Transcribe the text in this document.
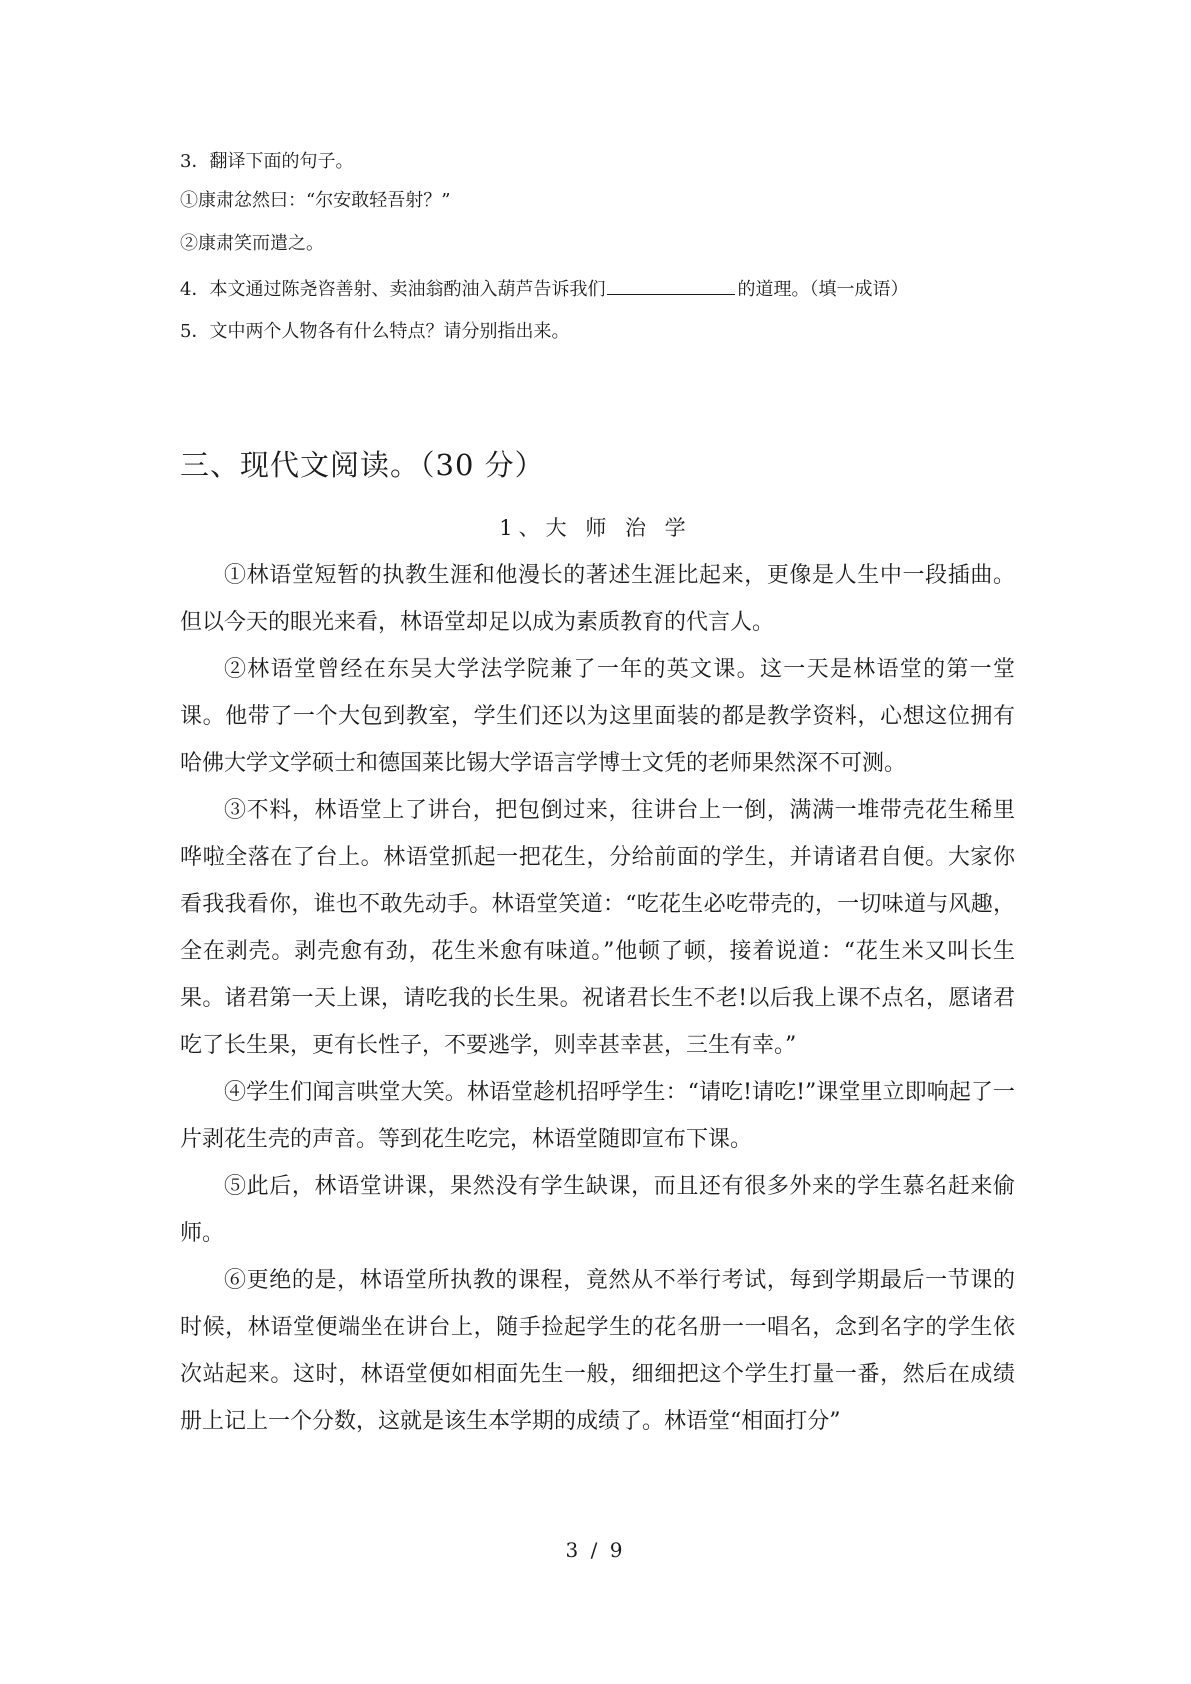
3．翻译下面的句子。
①康肃忿然曰：“尔安敢轻吾射？”
②康肃笑而遣之。
4．本文通过陈尧咨善射、卖油翁酌油入葫芦告诉我们	的道理。（填一成语）
5．文中两个人物各有什么特点？请分别指出来。
三、现代文阅读。（30 分）
1、大 师 治 学

①林语堂短暂的执教生涯和他漫长的著述生涯比起来，更像是人生中一段插曲。但以今天的眼光来看，林语堂却足以成为素质教育的代言人。

②林语堂曾经在东吴大学法学院兼了一年的英文课。这一天是林语堂的第一堂课。他带了一个大包到教室，学生们还以为这里面装的都是教学资料，心想这位拥有哈佛大学文学硕士和德国莱比锡大学语言学博士文凭的老师果然深不可测。

③不料，林语堂上了讲台，把包倒过来，往讲台上一倒，满满一堆带壳花生稀里哗啦全落在了台上。林语堂抓起一把花生，分给前面的学生，并请诸君自便。大家你看我我看你，谁也不敢先动手。林语堂笑道：“吃花生必吃带壳的，一切味道与风趣，全在剥壳。剥壳愈有劲，花生米愈有味道。”他顿了顿，接着说道：“花生米又叫长生果。诸君第一天上课，请吃我的长生果。祝诸君长生不老!以后我上课不点名，愿诸君吃了长生果，更有长性子，不要逃学，则幸甚幸甚，三生有幸。”

④学生们闻言哄堂大笑。林语堂趁机招呼学生：“请吃!请吃!”课堂里立即响起了一片剥花生壳的声音。等到花生吃完，林语堂随即宣布下课。

⑤此后，林语堂讲课，果然没有学生缺课，而且还有很多外来的学生慕名赶来偷师。

⑥更绝的是，林语堂所执教的课程，竟然从不举行考试，每到学期最后一节课的时候，林语堂便端坐在讲台上，随手捡起学生的花名册一一唱名，念到名字的学生依次站起来。这时，林语堂便如相面先生一般，细细把这个学生打量一番，然后在成绩册上记上一个分数，这就是该生本学期的成绩了。林语堂“相面打分”

3 / 9
